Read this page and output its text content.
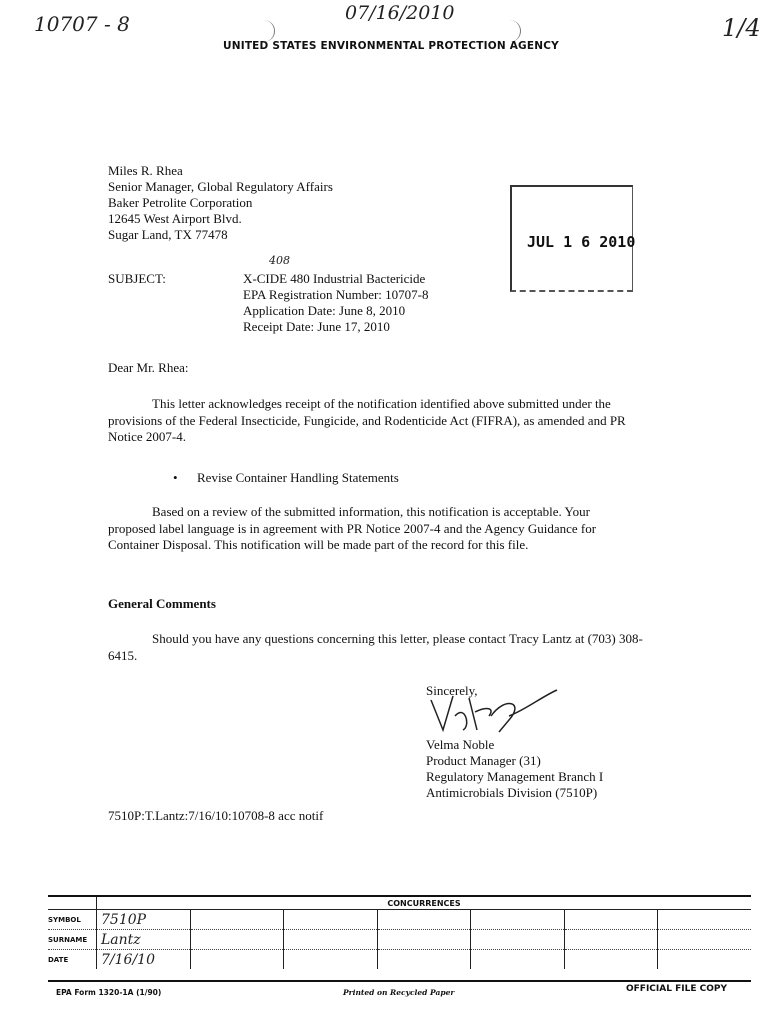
10707 - 8	07/16/2010
1/4
UNITED STATES ENVIRONMENTAL PROTECTION AGENCY
Miles R. Rhea
Senior Manager, Global Regulatory Affairs
Baker Petrolite Corporation
12645 West Airport Blvd.
Sugar Land, TX 77478	JUL 1 6 2010
408
SUBJECT:	X-CIDE 480 Industrial Bactericide
EPA Registration Number: 10707-8
Application Date: June 8, 2010
Receipt Date: June 17, 2010
Dear Mr. Rhea:
This letter acknowledges receipt of the notification identified above submitted under the provisions of the Federal Insecticide, Fungicide, and Rodenticide Act (FIFRA), as amended and PR Notice 2007-4.
• Revise Container Handling Statements
Based on a review of the submitted information, this notification is acceptable. Your proposed label language is in agreement with PR Notice 2007-4 and the Agency Guidance for Container Disposal. This notification will be made part of the record for this file.
General Comments
Should you have any questions concerning this letter, please contact Tracy Lantz at (703) 308-6415.
Sincerely,
Velma Noble
Product Manager (31)
Regulatory Management Branch I
Antimicrobials Division (7510P)
7510P:T.Lantz:7/16/10:10708-8 acc notif
	CONCURRENCES						
SYMBOL	7510P						
SURNAME	Lantz						
DATE	7/16/10						
EPA Form 1320-1A (1/90)	Printed on Recycled Paper	OFFICIAL FILE COPY
